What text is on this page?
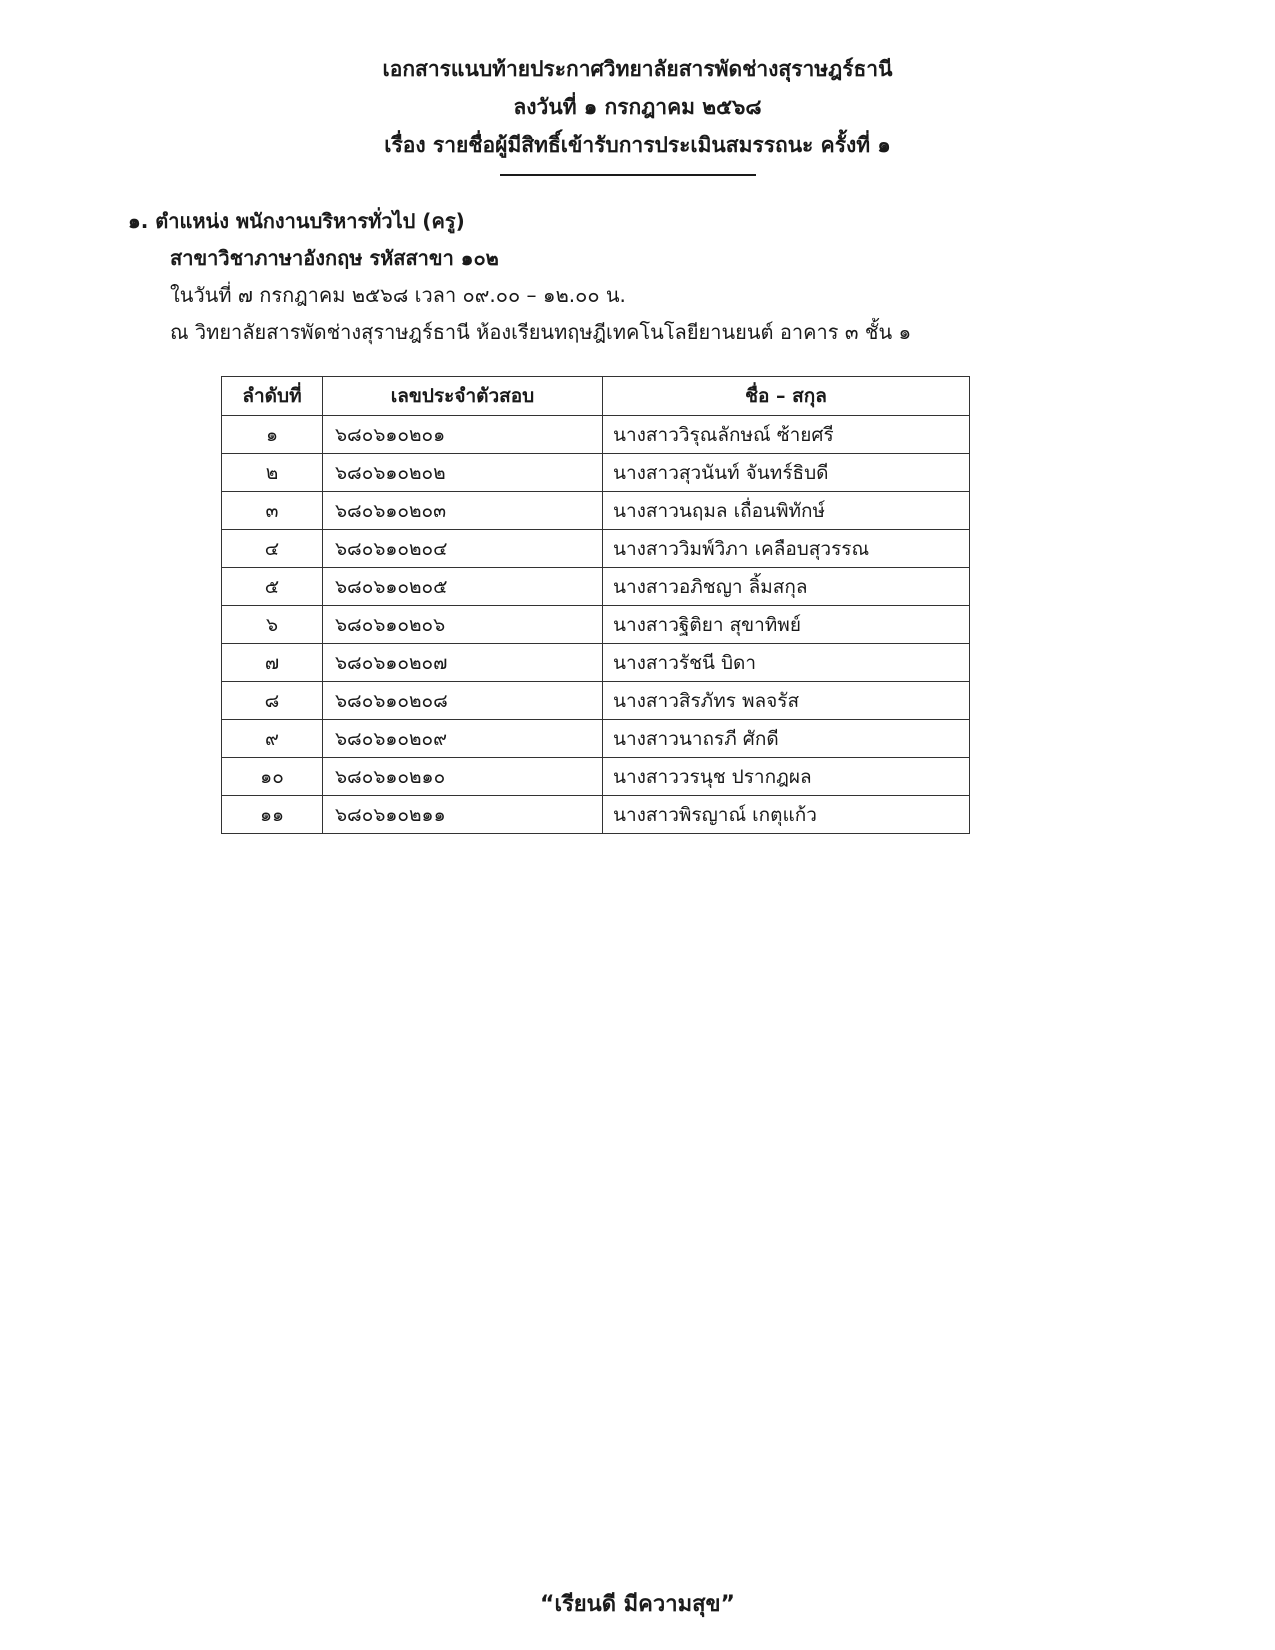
เอกสารแนบท้ายประกาศวิทยาลัยสารพัดช่างสุราษฎร์ธานี
ลงวันที่ ๑ กรกฎาคม ๒๕๖๘
เรื่อง รายชื่อผู้มีสิทธิ์เข้ารับการประเมินสมรรถนะ ครั้งที่ ๑
๑. ตำแหน่ง พนักงานบริหารทั่วไป (ครู)
สาขาวิชาภาษาอังกฤษ รหัสสาขา ๑๐๒
ในวันที่ ๗ กรกฎาคม ๒๕๖๘ เวลา ๐๙.๐๐ – ๑๒.๐๐ น.
ณ วิทยาลัยสารพัดช่างสุราษฎร์ธานี ห้องเรียนทฤษฎีเทคโนโลยียานยนต์ อาคาร ๓ ชั้น ๑
ลำดับที่	เลขประจำตัวสอบ	ชื่อ – สกุล
๑	๖๘๐๖๑๐๒๐๑	นางสาววิรุณลักษณ์ ซ้ายศรี
๒	๖๘๐๖๑๐๒๐๒	นางสาวสุวนันท์ จันทร์ธิบดี
๓	๖๘๐๖๑๐๒๐๓	นางสาวนฤมล เถื่อนพิทักษ์
๔	๖๘๐๖๑๐๒๐๔	นางสาววิมพ์วิภา เคลือบสุวรรณ
๕	๖๘๐๖๑๐๒๐๕	นางสาวอภิชญา ลิ้มสกุล
๖	๖๘๐๖๑๐๒๐๖	นางสาวฐิติยา สุขาทิพย์
๗	๖๘๐๖๑๐๒๐๗	นางสาวรัชนี บิดา
๘	๖๘๐๖๑๐๒๐๘	นางสาวสิรภัทร พลจรัส
๙	๖๘๐๖๑๐๒๐๙	นางสาวนาถรภี ศักดี
๑๐	๖๘๐๖๑๐๒๑๐	นางสาววรนุช ปรากฎผล
๑๑	๖๘๐๖๑๐๒๑๑	นางสาวพิรญาณ์ เกตุแก้ว
“เรียนดี มีความสุข”
